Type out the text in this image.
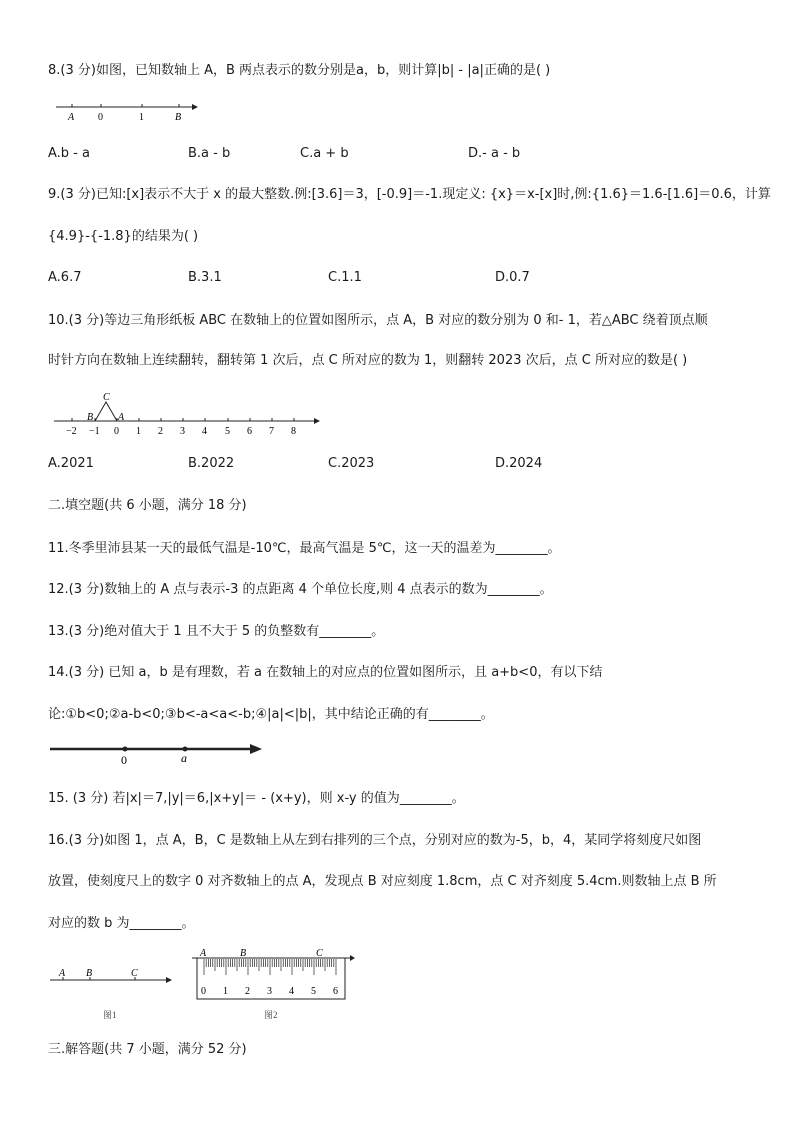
8.(3 分)如图，已知数轴上 A，B 两点表示的数分别是a，b，则计算|b| - |a|正确的是( )
A 0	1	B
A.b - a	B.a - b	C.a + b	D.- a - b
9.(3 分)已知:[x]表示不大于 x 的最大整数.例:[3.6]＝3，[-0.9]＝-1.现定义: {x}＝x-[x]时,例:{1.6}＝1.6-[1.6]＝0.6，计算
{4.9}-{-1.8}的结果为( )
A.6.7	B.3.1	C.1.1	D.0.7
10.(3 分)等边三角形纸板 ABC 在数轴上的位置如图所示，点 A，B 对应的数分别为 0 和- 1，若△ABC 绕着顶点顺
时针方向在数轴上连续翻转，翻转第 1 次后，点 C 所对应的数为 1，则翻转 2023 次后，点 C 所对应的数是( )
C
B A
−2 −1 0 1 2 3 4 5 6 7 8
A.2021	B.2022	C.2023	D.2024
二.填空题(共 6 小题，满分 18 分)
11.冬季里沛县某一天的最低气温是-10℃，最高气温是 5℃，这一天的温差为________。
12.(3 分)数轴上的 A 点与表示-3 的点距离 4 个单位长度,则 4 点表示的数为________。
13.(3 分)绝对值大于 1 且不大于 5 的负整数有________。
14.(3 分) 已知 a，b 是有理数，若 a 在数轴上的对应点的位置如图所示，且 a+b<0，有以下结
论:①b<0;②a-b<0;③b<-a<a<-b;④|a|<|b|，其中结论正确的有________。
0	a
15. (3 分) 若|x|＝7,|y|＝6,|x+y|＝ - (x+y)，则 x-y 的值为________。
16.(3 分)如图 1，点 A，B，C 是数轴上从左到右排列的三个点，分别对应的数为-5，b，4，某同学将刻度尺如图
放置，使刻度尺上的数字 0 对齐数轴上的点 A，发现点 B 对应刻度 1.8cm，点 C 对齐刻度 5.4cm.则数轴上点 B 所
对应的数 b 为________。
A B	C
图1
A	B	C
0 1 2 3 4 5 6
图2
三.解答题(共 7 小题，满分 52 分)
